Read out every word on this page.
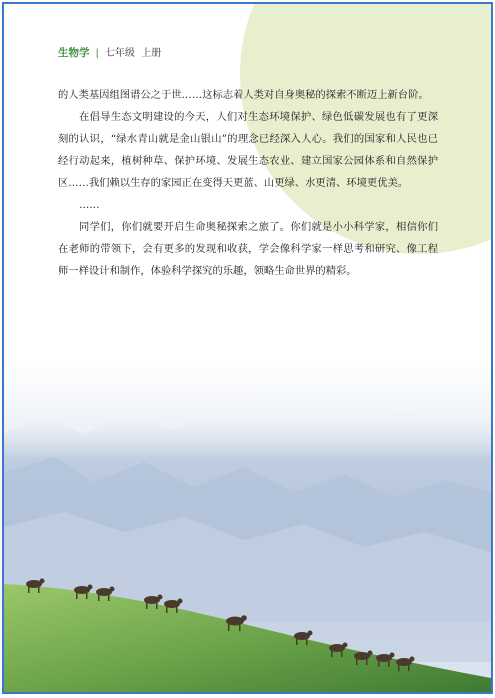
生物学 | 七年级 上册

的人类基因组图谱公之于世……这标志着人类对自身奥秘的探索不断迈上新台阶。

在倡导生态文明建设的今天，人们对生态环境保护、绿色低碳发展也有了更深刻的认识，“绿水青山就是金山银山”的理念已经深入人心。我们的国家和人民也已经行动起来，植树种草、保护环境、发展生态农业、建立国家公园体系和自然保护区……我们赖以生存的家园正在变得天更蓝、山更绿、水更清、环境更优美。

……

同学们，你们就要开启生命奥秘探索之旅了。你们就是小小科学家，相信你们在老师的带领下，会有更多的发现和收获，学会像科学家一样思考和研究、像工程师一样设计和制作，体验科学探究的乐趣，领略生命世界的精彩。
